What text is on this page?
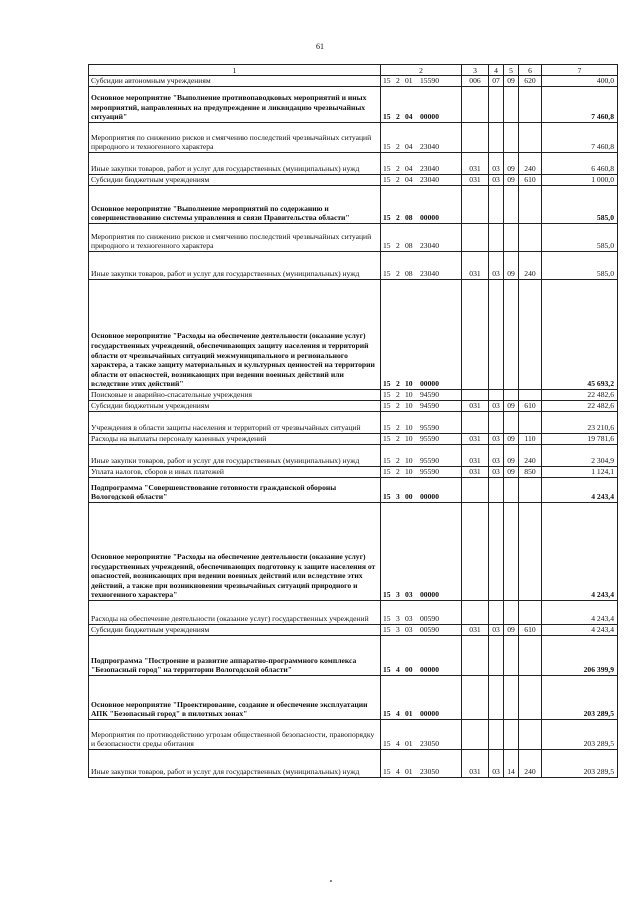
61
1	2	3	4	5	6	7
Субсидии автономным учреждениям	15 2 01 15590	006	07	09	620	400,0
Основное мероприятие "Выполнение противопаводковых мероприятий и иных мероприятий, направленных на предупреждение и ликвидацию чрезвычайных ситуаций"	15 2 04 00000					7 460,8
Мероприятия по снижению рисков и смягчению последствий чрезвычайных ситуаций природного и техногенного характера	15 2 04 23040					7 460,8
Иные закупки товаров, работ и услуг для государственных (муниципальных) нужд	15 2 04 23040	031	03	09	240	6 460,8
Субсидии бюджетным учреждениям	15 2 04 23040	031	03	09	610	1 000,0
Основное мероприятие "Выполнение мероприятий по содержанию и совершенствованию системы управления и связи Правительства области"	15 2 08 00000					585,0
Мероприятия по снижению рисков и смягчению последствий чрезвычайных ситуаций природного и техногенного характера	15 2 08 23040					585,0
Иные закупки товаров, работ и услуг для государственных (муниципальных) нужд	15 2 08 23040	031	03	09	240	585,0
Основное мероприятие "Расходы на обеспечение деятельности (оказание услуг) государственных учреждений, обеспечивающих защиту населения и территорий области от чрезвычайных ситуаций межмуниципального и регионального характера, а также защиту материальных и культурных ценностей на территории области от опасностей, возникающих при ведении военных действий или вследствие этих действий"	15 2 10 00000					45 693,2
Поисковые и аварийно-спасательные учреждения	15 2 10 94590					22 482,6
Субсидии бюджетным учреждениям	15 2 10 94590	031	03	09	610	22 482,6
Учреждения в области защиты населения и территорий от чрезвычайных ситуаций	15 2 10 95590					23 210,6
Расходы на выплаты персоналу казенных учреждений	15 2 10 95590	031	03	09	110	19 781,6
Иные закупки товаров, работ и услуг для государственных (муниципальных) нужд	15 2 10 95590	031	03	09	240	2 304,9
Уплата налогов, сборов и иных платежей	15 2 10 95590	031	03	09	850	1 124,1
Подпрограмма "Совершенствование готовности гражданской обороны Вологодской области"	15 3 00 00000					4 243,4
Основное мероприятие "Расходы на обеспечение деятельности (оказание услуг) государственных учреждений, обеспечивающих подготовку к защите населения от опасностей, возникающих при ведении военных действий или вследствие этих действий, а также при возникновении чрезвычайных ситуаций природного и техногенного характера"	15 3 03 00000					4 243,4
Расходы на обеспечение деятельности (оказание услуг) государственных учреждений	15 3 03 00590					4 243,4
Субсидии бюджетным учреждениям	15 3 03 00590	031	03	09	610	4 243,4
Подпрограмма "Построение и развитие аппаратно-программного комплекса "Безопасный город" на территории Вологодской области"	15 4 00 00000					206 399,9
Основное мероприятие "Проектирование, создание и обеспечение эксплуатации АПК "Безопасный город" в пилотных зонах"	15 4 01 00000					203 289,5
Мероприятия по противодействию угрозам общественной безопасности, правопорядку и безопасности среды обитания	15 4 01 23050					203 289,5
Иные закупки товаров, работ и услуг для государственных (муниципальных) нужд	15 4 01 23050	031	03	14	240	203 289,5
